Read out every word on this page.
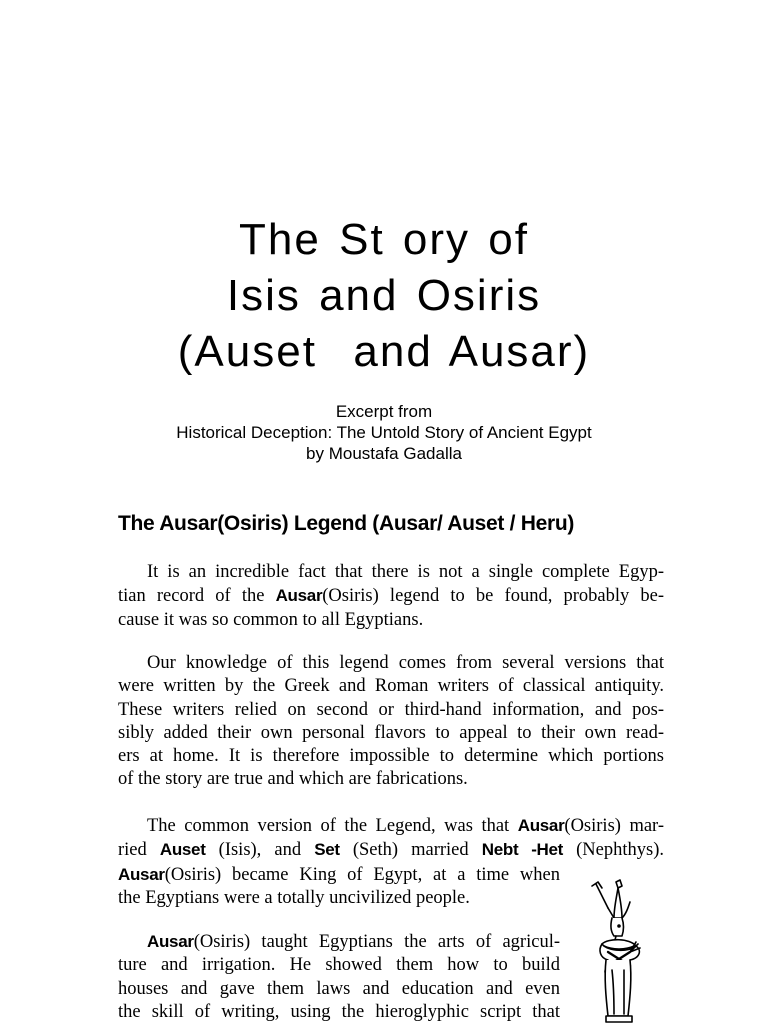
The St ory of
Isis and Osiris
(Auset  and Ausar)
Excerpt from
Historical Deception: The Untold Story of Ancient Egypt
by Moustafa Gadalla
The Ausar(Osiris) Legend (Ausar/ Auset / Heru)
It is an incredible fact that there is not a single complete Egyp-
tian record of the Ausar(Osiris) legend to be found, probably be-
cause it was so common to all Egyptians.
Our knowledge of this legend comes from several versions that
were written by the Greek and Roman writers of classical antiquity.
These writers relied on second or third-hand information, and pos-
sibly added their own personal flavors to appeal to their own read-
ers at home. It is therefore impossible to determine which portions
of the story are true and which are fabrications.
The common version of the Legend, was that Ausar(Osiris) mar-
ried Auset (Isis), and Set (Seth) married Nebt -Het (Nephthys).
Ausar(Osiris) became King of Egypt, at a time when
the Egyptians were a totally uncivilized people.
Ausar(Osiris) taught Egyptians the arts of agricul-
ture and irrigation. He showed them how to build
houses and gave them laws and education and even
the skill of writing, using the hieroglyphic script that
